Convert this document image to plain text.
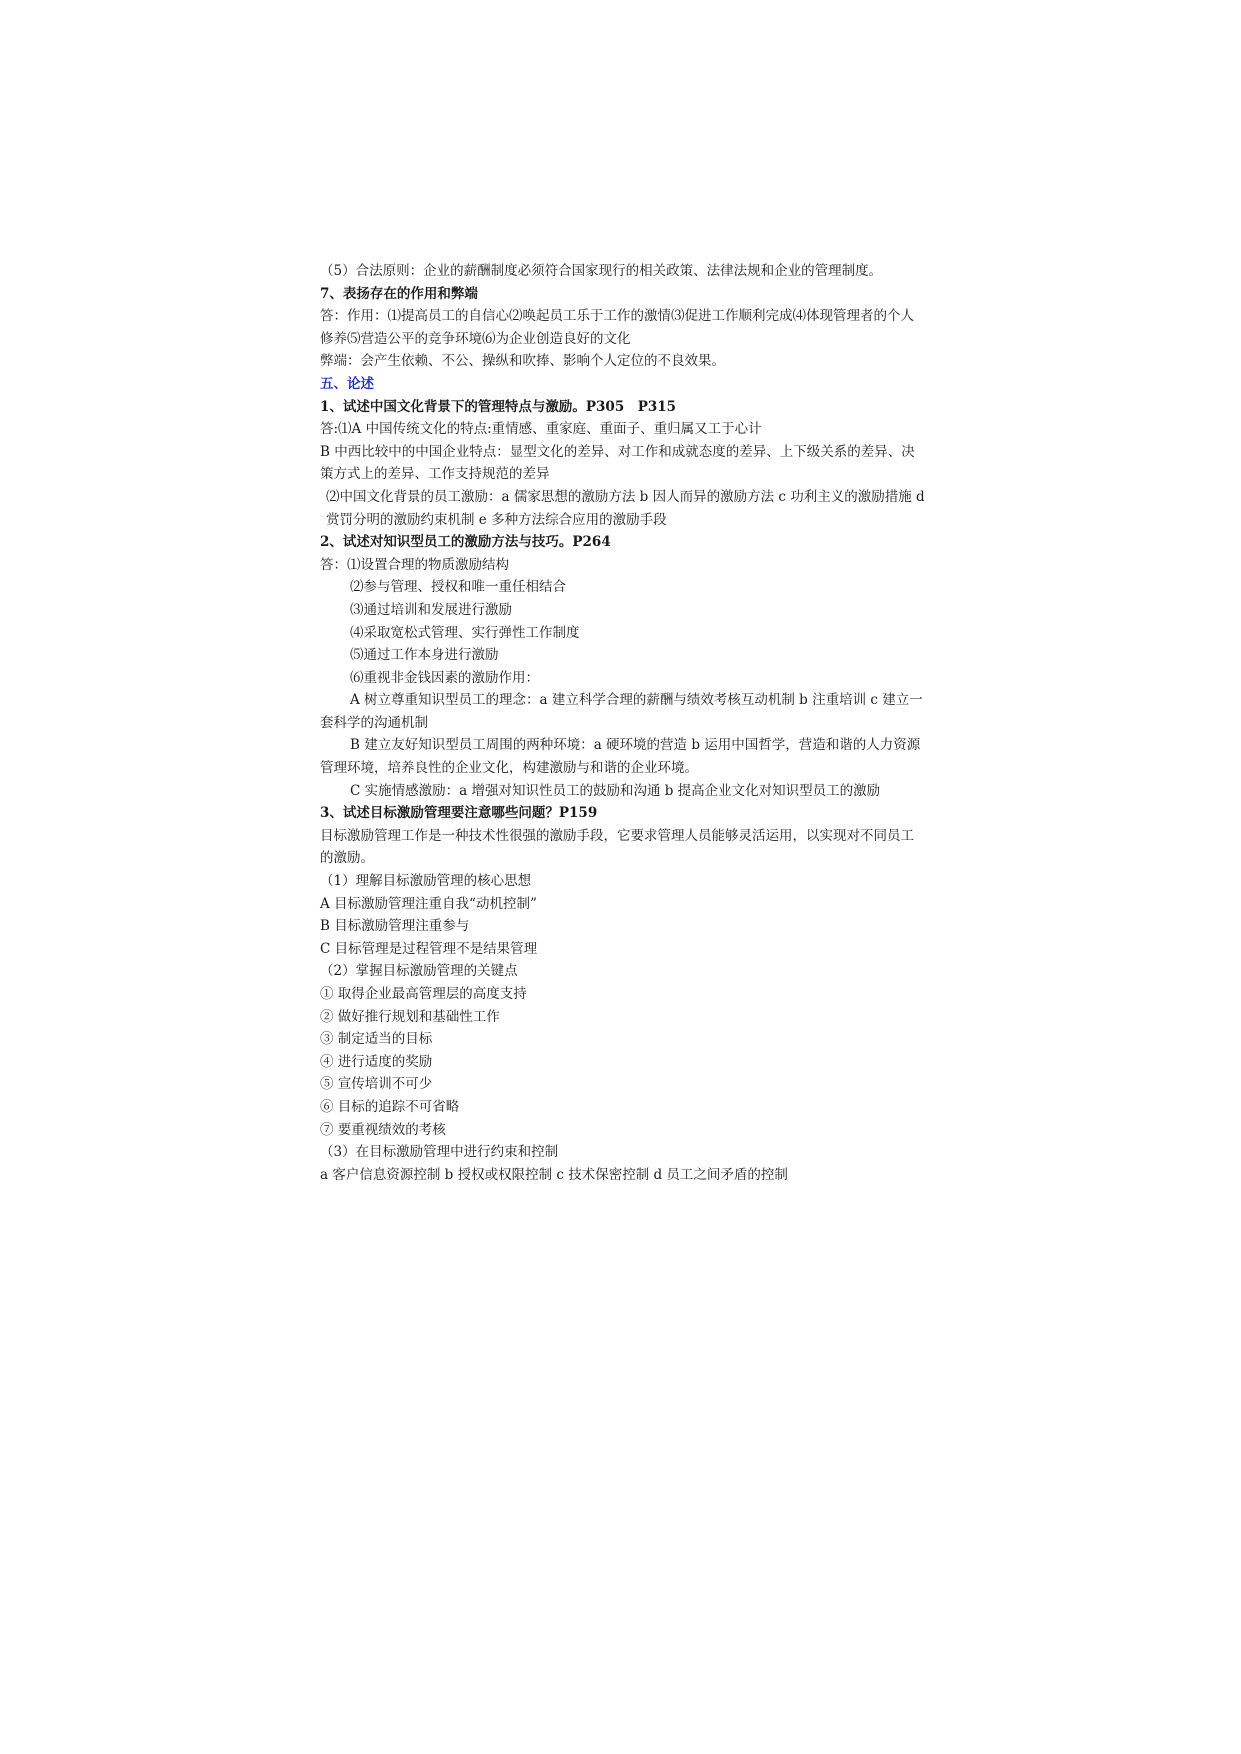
（5）合法原则：企业的薪酬制度必须符合国家现行的相关政策、法律法规和企业的管理制度。
7、表扬存在的作用和弊端
答：作用：⑴提高员工的自信心⑵唤起员工乐于工作的激情⑶促进工作顺利完成⑷体现管理者的个人修养⑸营造公平的竞争环境⑹为企业创造良好的文化
弊端：会产生依赖、不公、操纵和吹捧、影响个人定位的不良效果。
五、论述
1、试述中国文化背景下的管理特点与激励。P305　P315
答:⑴A 中国传统文化的特点:重情感、重家庭、重面子、重归属又工于心计
B 中西比较中的中国企业特点：显型文化的差异、对工作和成就态度的差异、上下级关系的差异、决策方式上的差异、工作支持规范的差异
⑵中国文化背景的员工激励：a 儒家思想的激励方法 b 因人而异的激励方法 c 功利主义的激励措施 d 赏罚分明的激励约束机制 e 多种方法综合应用的激励手段
2、试述对知识型员工的激励方法与技巧。P264
答：⑴设置合理的物质激励结构
⑵参与管理、授权和唯一重任相结合
⑶通过培训和发展进行激励
⑷采取宽松式管理、实行弹性工作制度
⑸通过工作本身进行激励
⑹重视非金钱因素的激励作用：
A 树立尊重知识型员工的理念：a 建立科学合理的薪酬与绩效考核互动机制 b 注重培训 c 建立一套科学的沟通机制
B 建立友好知识型员工周围的两种环境：a 硬环境的营造 b 运用中国哲学，营造和谐的人力资源管理环境，培养良性的企业文化，构建激励与和谐的企业环境。
C 实施情感激励：a 增强对知识性员工的鼓励和沟通 b 提高企业文化对知识型员工的激励
3、试述目标激励管理要注意哪些问题？P159
目标激励管理工作是一种技术性很强的激励手段，它要求管理人员能够灵活运用，以实现对不同员工的激励。
（1）理解目标激励管理的核心思想
A 目标激励管理注重自我“动机控制”
B 目标激励管理注重参与
C 目标管理是过程管理不是结果管理
（2）掌握目标激励管理的关键点
① 取得企业最高管理层的高度支持
② 做好推行规划和基础性工作
③ 制定适当的目标
④ 进行适度的奖励
⑤ 宣传培训不可少
⑥ 目标的追踪不可省略
⑦ 要重视绩效的考核
（3）在目标激励管理中进行约束和控制
a 客户信息资源控制 b 授权或权限控制 c 技术保密控制 d 员工之间矛盾的控制
